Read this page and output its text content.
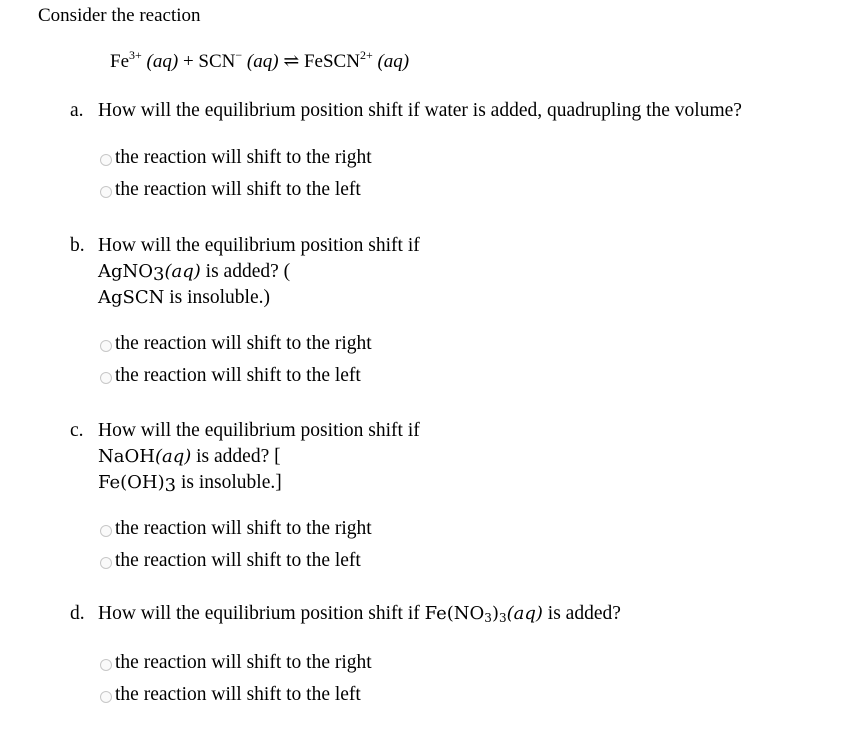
Consider the reaction
$Fe^{3+}$ (aq) + SCN− (aq) ⇌ FeSCN$^{2+}$ (aq)
a. How will the equilibrium position shift if water is added, quadrupling the volume?
the reaction will shift to the right
the reaction will shift to the left
b. How will the equilibrium position shift if
AgNO$_3$(aq) is added? (
AgSCN is insoluble.)
the reaction will shift to the right
the reaction will shift to the left
c. How will the equilibrium position shift if
NaOH(aq) is added? [
$Fe(OH)_3$ is insoluble.]
the reaction will shift to the right
the reaction will shift to the left
d. How will the equilibrium position shift if $Fe(NO_3)_3(aq)$ is added?
the reaction will shift to the right
the reaction will shift to the left
